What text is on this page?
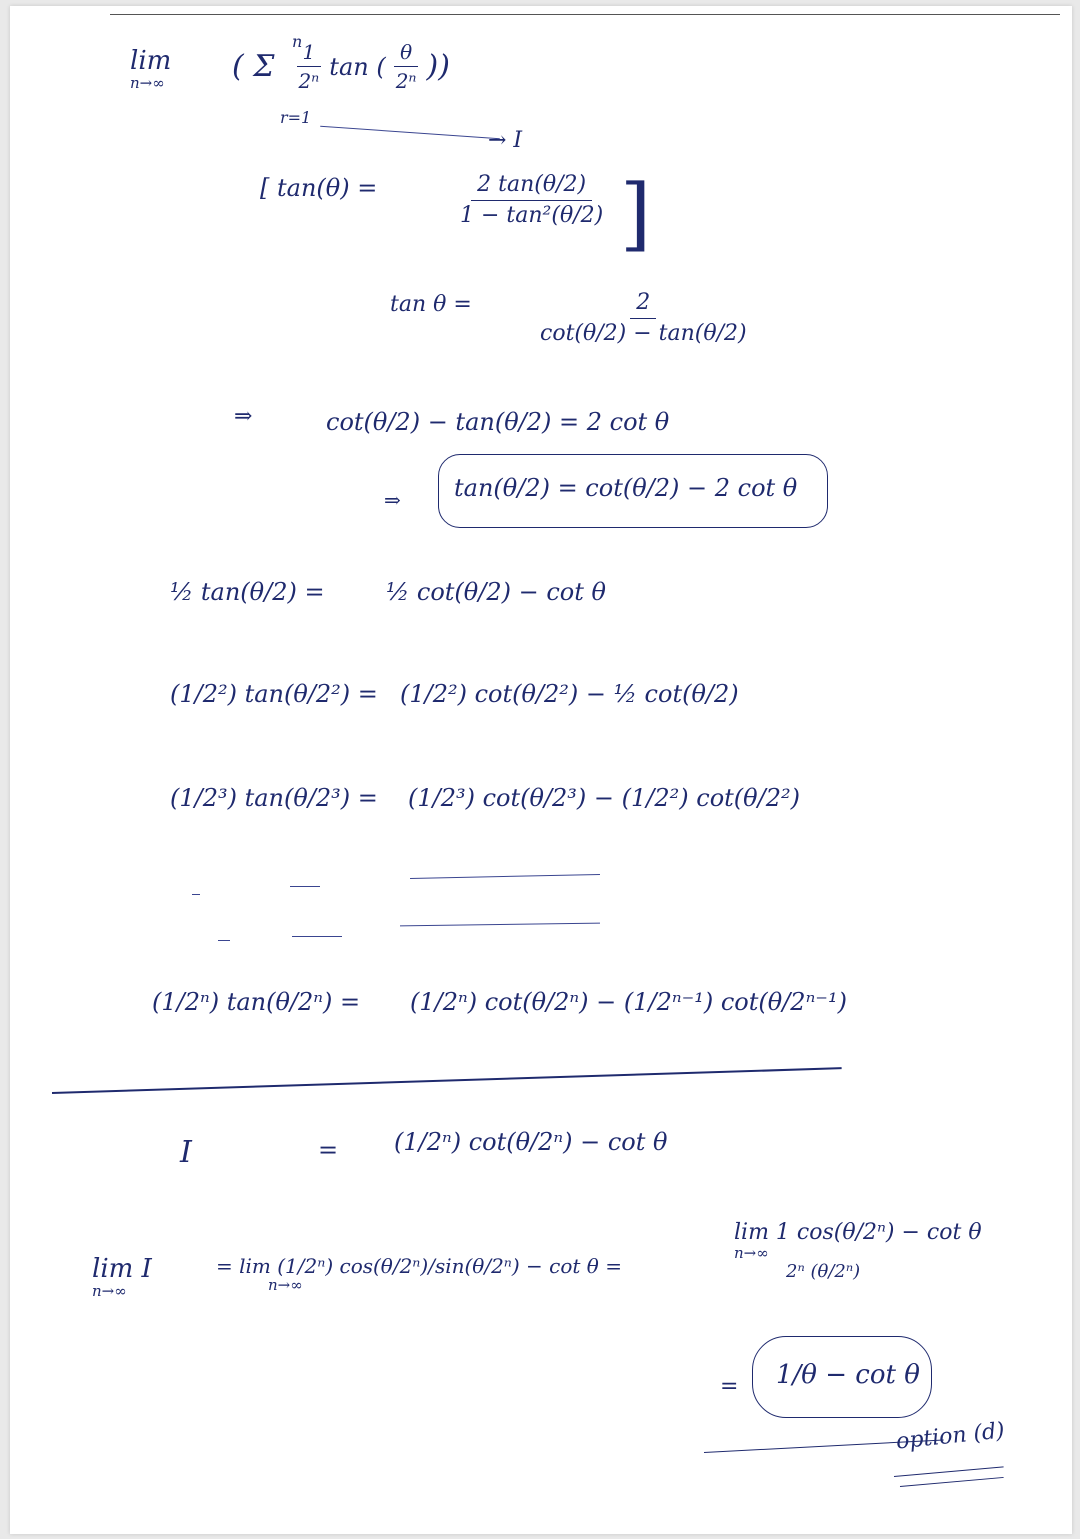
lim
n→∞ ( Σ $\frac{1}{\text{2ⁿ}}$ tan ( $\frac{\theta}{\text{2ⁿ}}$ ))
n
r=1
→ I
[ tan(θ) =	$\frac{2 \tan(\theta/2)}{\text{1 − tan²(θ/2)}}$ ]
tan θ =	$\frac{2}{\cot(\theta/2) - \tan(\theta/2)}$
⇒	cot(θ/2) − tan(θ/2) = 2 cot θ
⇒ tan(θ/2) = cot(θ/2) − 2 cot θ
½ tan(θ/2) =	½ cot(θ/2) − cot θ
(1/2²) tan(θ/2²) = (1/2²) cot(θ/2²) − ½ cot(θ/2)
(1/2³) tan(θ/2³) = (1/2³) cot(θ/2³) − (1/2²) cot(θ/2²)
(1/2ⁿ) tan(θ/2ⁿ) = (1/2ⁿ) cot(θ/2ⁿ) − (1/2ⁿ⁻¹) cot(θ/2ⁿ⁻¹)
I	= (1/2ⁿ) cot(θ/2ⁿ) − cot θ
lim I
n→∞
= lim (1/2ⁿ) cos(θ/2ⁿ)/sin(θ/2ⁿ) − cot θ =
n→∞
lim 1 cos(θ/2ⁿ) − cot θ
n→∞
2ⁿ (θ/2ⁿ)
= 1/θ − cot θ
option (d)
